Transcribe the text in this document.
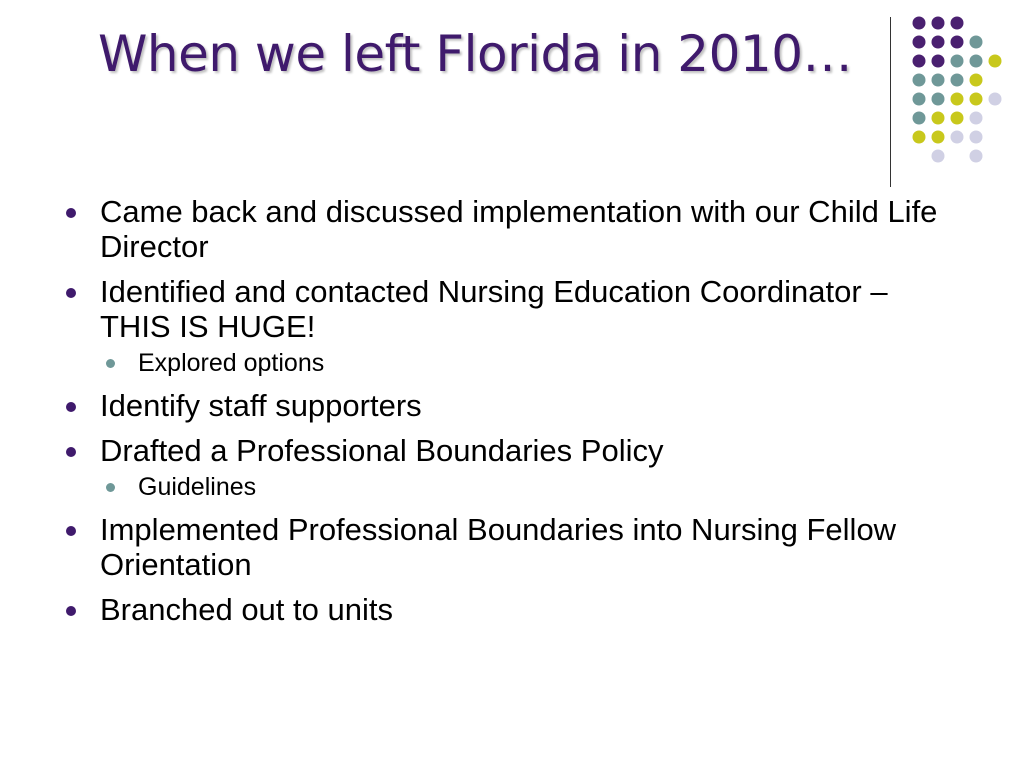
When we left Florida in 2010…
Came back and discussed implementation with our Child Life Director
Identified and contacted Nursing Education Coordinator – THIS IS HUGE!
Explored options
Identify staff supporters
Drafted a Professional Boundaries Policy
Guidelines
Implemented Professional Boundaries into Nursing Fellow Orientation
Branched out to units
